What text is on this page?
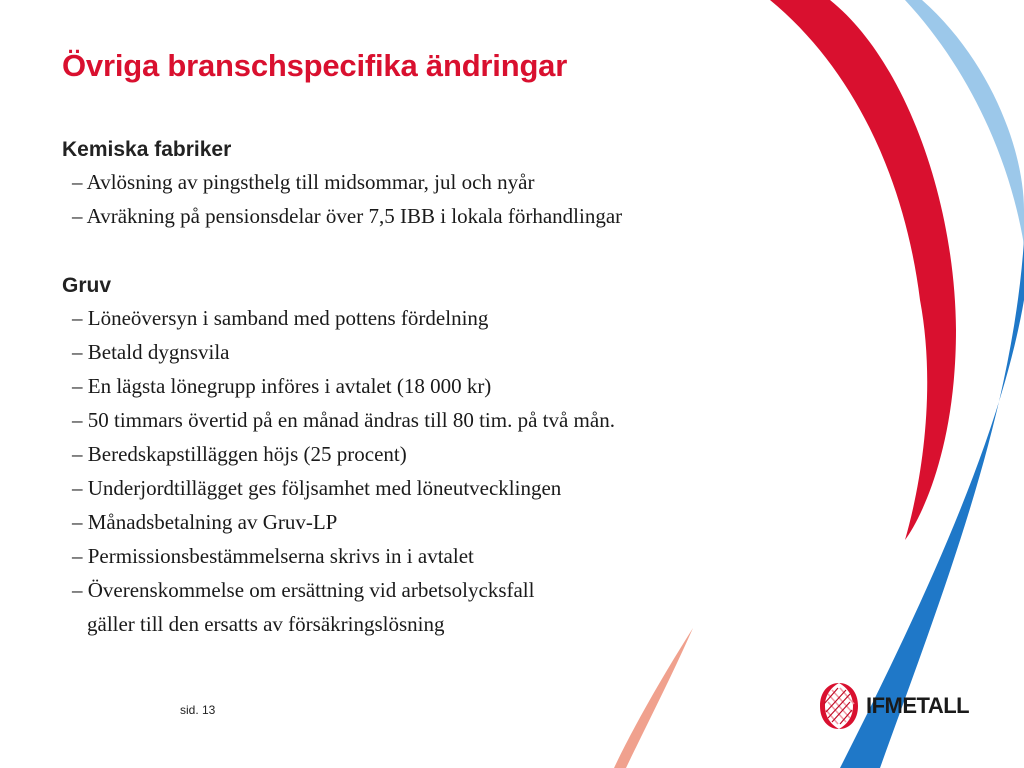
Övriga branschspecifika ändringar
Kemiska fabriker
– Avlösning av pingsthelg till midsommar, jul och nyår
– Avräkning på pensionsdelar över 7,5 IBB i lokala förhandlingar
Gruv
– Löneöversyn i samband med pottens fördelning
– Betald dygnsvila
– En lägsta lönegrupp införes i avtalet (18 000 kr)
– 50 timmars övertid på en månad ändras till 80 tim. på två mån.
– Beredskapstilläggen höjs (25 procent)
– Underjordtillägget ges följsamhet med löneutvecklingen
– Månadsbetalning av Gruv-LP
– Permissionsbestämmelserna skrivs in i avtalet
– Överenskommelse om ersättning vid arbetsolycksfall
gäller till den ersatts av försäkringslösning
sid. 13	IFMETALL
